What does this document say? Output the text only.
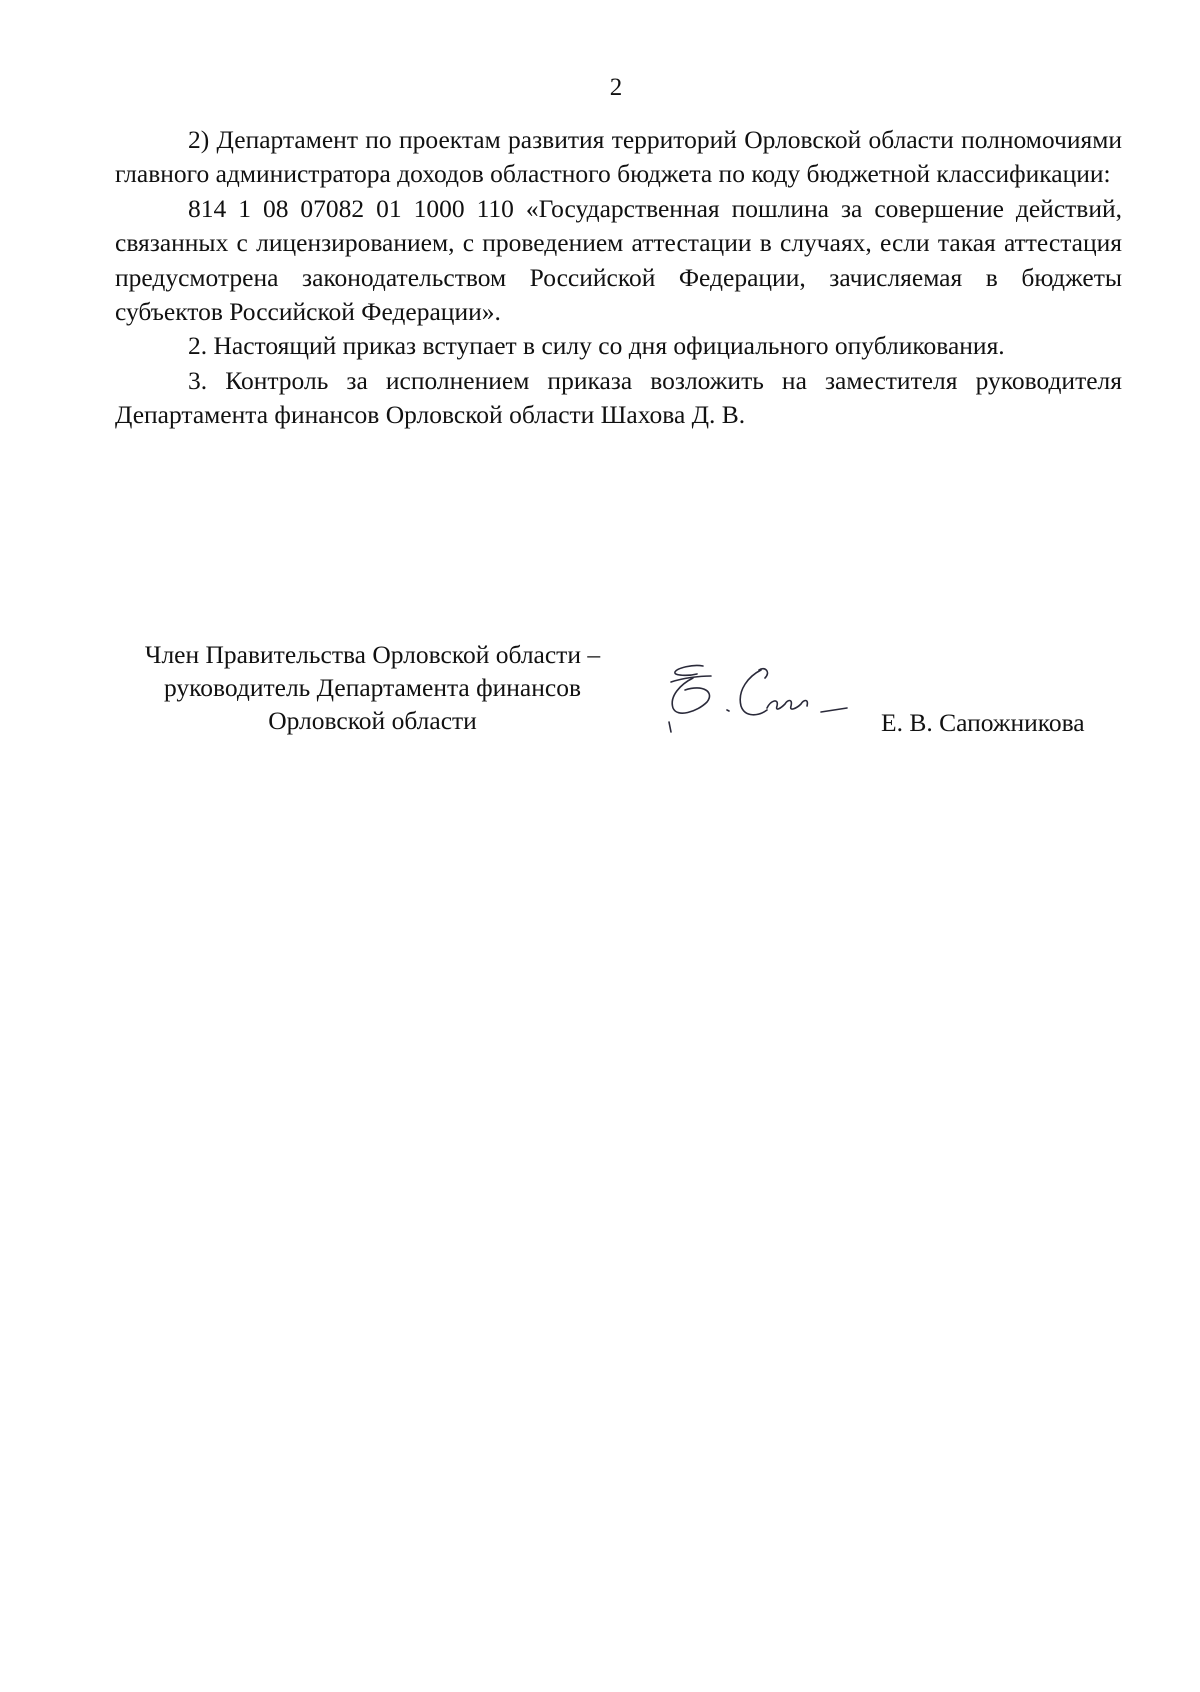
2

2) Департамент по проектам развития территорий Орловской области полномочиями главного администратора доходов областного бюджета по коду бюджетной классификации:

814 1 08 07082 01 1000 110 «Государственная пошлина за совершение действий, связанных с лицензированием, с проведением аттестации в случаях, если такая аттестация предусмотрена законодательством Российской Федерации, зачисляемая в бюджеты субъектов Российской Федерации».

2. Настоящий приказ вступает в силу со дня официального опубликования.

3. Контроль за исполнением приказа возложить на заместителя руководителя Департамента финансов Орловской области Шахова Д. В.

Член Правительства Орловской области –
руководитель Департамента финансов
Орловской области	Е. В. Сапожникова
